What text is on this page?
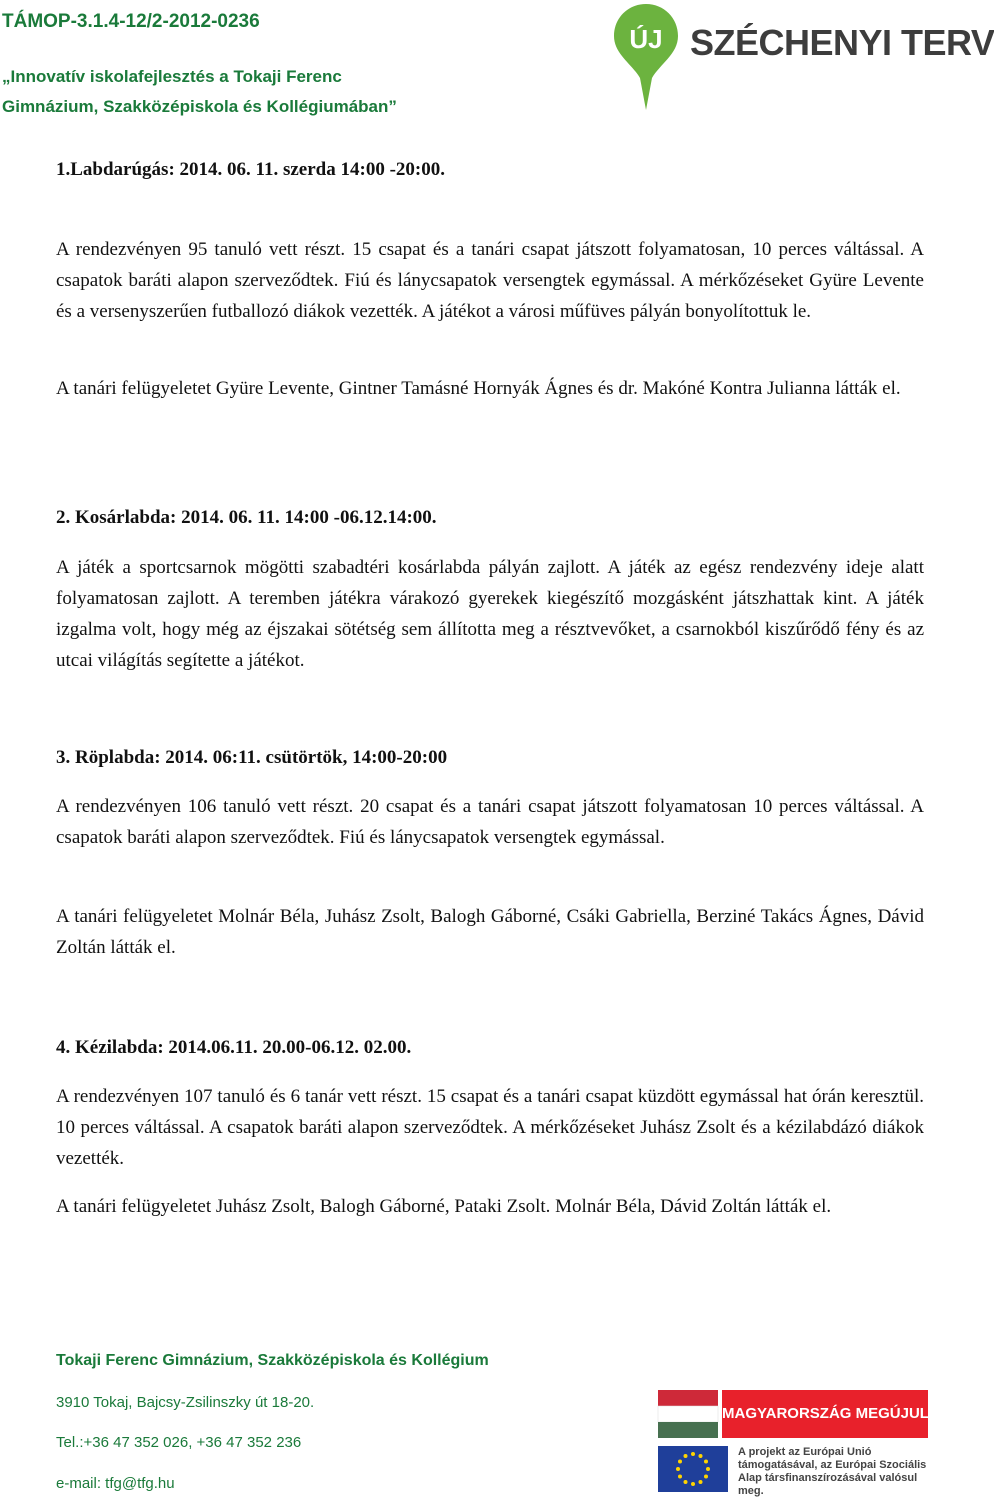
TÁMOP-3.1.4-12/2-2012-0236
„Innovatív iskolafejlesztés a Tokaji Ferenc
Gimnázium, Szakközépiskola és Kollégiumában”
ÚJ SZÉCHENYI TERV
1.Labdarúgás: 2014. 06. 11. szerda 14:00 -20:00.

A rendezvényen 95 tanuló vett részt. 15 csapat és a tanári csapat játszott folyamatosan, 10 perces váltással. A csapatok baráti alapon szerveződtek. Fiú és lánycsapatok versengtek egymással. A mérkőzéseket Gyüre Levente és a versenyszerűen futballozó diákok vezették. A játékot a városi műfüves pályán bonyolítottuk le.

A tanári felügyeletet Gyüre Levente, Gintner Tamásné Hornyák Ágnes és dr. Makóné Kontra Julianna látták el.

2. Kosárlabda: 2014. 06. 11. 14:00 -06.12.14:00.

A játék a sportcsarnok mögötti szabadtéri kosárlabda pályán zajlott. A játék az egész rendezvény ideje alatt folyamatosan zajlott. A teremben játékra várakozó gyerekek kiegészítő mozgásként játszhattak kint. A játék izgalma volt, hogy még az éjszakai sötétség sem állította meg a résztvevőket, a csarnokból kiszűrődő fény és az utcai világítás segítette a játékot.

3. Röplabda: 2014. 06:11. csütörtök, 14:00-20:00

A rendezvényen 106 tanuló vett részt. 20 csapat és a tanári csapat játszott folyamatosan 10 perces váltással. A csapatok baráti alapon szerveződtek. Fiú és lánycsapatok versengtek egymással.

A tanári felügyeletet Molnár Béla, Juhász Zsolt, Balogh Gáborné, Csáki Gabriella, Berziné Takács Ágnes, Dávid Zoltán látták el.

4. Kézilabda: 2014.06.11. 20.00-06.12. 02.00.

A rendezvényen 107 tanuló és 6 tanár vett részt. 15 csapat és a tanári csapat küzdött egymással hat órán keresztül. 10 perces váltással. A csapatok baráti alapon szerveződtek. A mérkőzéseket Juhász Zsolt és a kézilabdázó diákok vezették.

A tanári felügyeletet Juhász Zsolt, Balogh Gáborné, Pataki Zsolt. Molnár Béla, Dávid Zoltán látták el.

Tokaji Ferenc Gimnázium, Szakközépiskola és Kollégium
3910 Tokaj, Bajcsy-Zsilinszky út 18-20.
Tel.:+36 47 352 026, +36 47 352 236
e-mail: tfg@tfg.hu
MAGYARORSZÁG MEGÚJUL
A projekt az Európai Unió támogatásával, az Európai Szociális Alap társfinanszírozásával valósul meg.
